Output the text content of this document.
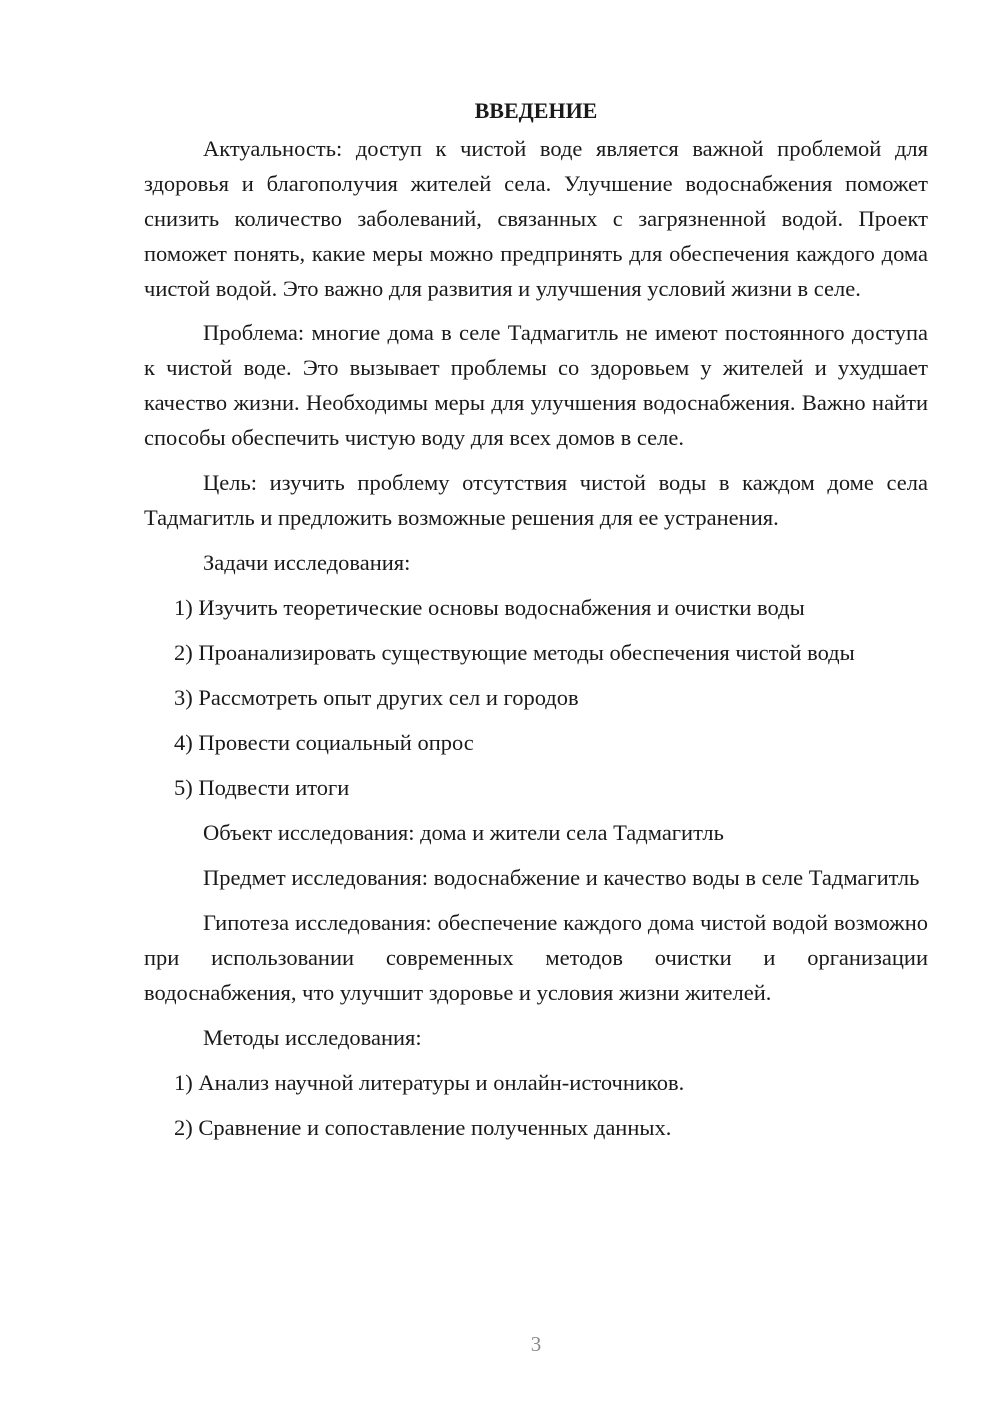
ВВЕДЕНИЕ

Актуальность: доступ к чистой воде является важной проблемой для здоровья и благополучия жителей села. Улучшение водоснабжения поможет снизить количество заболеваний, связанных с загрязненной водой. Проект поможет понять, какие меры можно предпринять для обеспечения каждого дома чистой водой. Это важно для развития и улучшения условий жизни в селе.

Проблема: многие дома в селе Тадмагитль не имеют постоянного доступа к чистой воде. Это вызывает проблемы со здоровьем у жителей и ухудшает качество жизни. Необходимы меры для улучшения водоснабжения. Важно найти способы обеспечить чистую воду для всех домов в селе.

Цель: изучить проблему отсутствия чистой воды в каждом доме села Тадмагитль и предложить возможные решения для ее устранения.

Задачи исследования:
1) Изучить теоретические основы водоснабжения и очистки воды
2) Проанализировать существующие методы обеспечения чистой воды
3) Рассмотреть опыт других сел и городов
4) Провести социальный опрос
5) Подвести итоги
Объект исследования: дома и жители села Тадмагитль

Предмет исследования: водоснабжение и качество воды в селе Тадмагитль

Гипотеза исследования: обеспечение каждого дома чистой водой возможно при использовании современных методов очистки и организации водоснабжения, что улучшит здоровье и условия жизни жителей.

Методы исследования:
1) Анализ научной литературы и онлайн-источников.
2) Сравнение и сопоставление полученных данных.
3
